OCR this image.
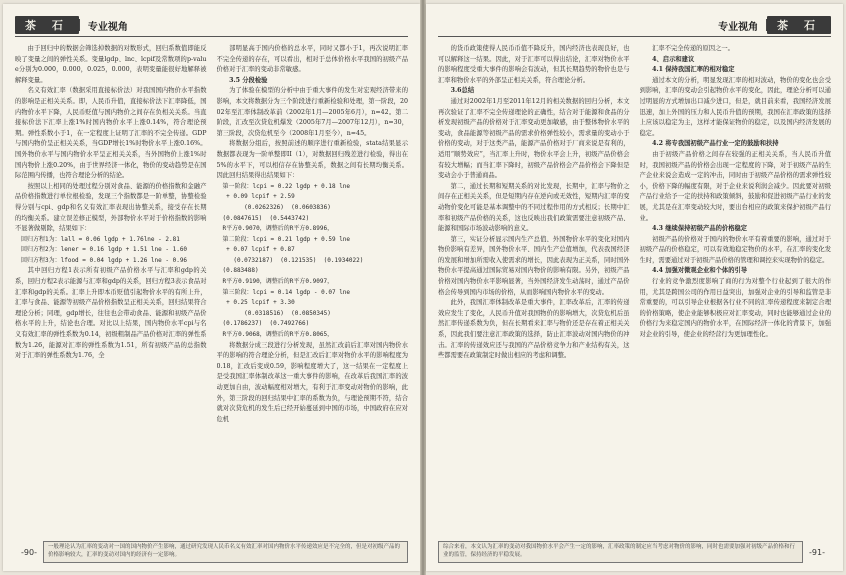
茶 石	专业视角

由于回归中的数据会筛选掉数据的对数形式，回归系数值即能反映了变量之间的弹性关系。变量lgdp、lnc、lcpif及常数项的p-value分别为0.000，0.000，0.025，0.000，表明变量能很好地解释被解释变量。

名义有效汇率（数据采用直接标价法）对我国国内物价水平指数的影响是正相关关系。即，人民币升值，直接标价法下汇率降低，国内物价水平下降，人民币贬值与国内物价之间存在负相关关系。当直接标价法下汇率上涨1%时国内物价水平上涨0.14%，符合理论预期。弹性系数小于1，在一定程度上证明了汇率的不完全传递。GDP与国内物价呈正相关关系，当GDP增长1%时物价水平上涨0.16%。国外物价水平与国内物价水平呈正相关关系，当外国物价上涨1%时国内物价上涨0.20%，由于世界经济一体化，物价的变动趋势是在国际范围内传播，也符合理论分析的结论。

按照以上相同的处理过程分别对食品、能源的价格指数和金融产品价格指数进行单位根检验，发现三个指数都是一阶单整，协整检验得分别与cpi、gdp和名义有效汇率表现出协整关系，接受存在长期的均衡关系。建立误差修正模型，外部物价水平对于价格指数的影响不显著做剔除，结果如下：

回归方程1为：lall = 0.06 lgdp + 1.76lne - 2.81

回归方程2为：lener = 0.16 lgdp + 1.51 lne - 1.60

回归方程3为：lfood = 0.04 lgdp + 1.26 lne - 0.96

其中回归方程1表示所有初级产品价格水平与汇率和gdp的关系，回归方程2表示能源与汇率和gdp的关系，回归方程3表示食品对汇率和gdp的关系。汇率上升即本币贬值引起物价水平的有所上升，汇率与食品、能源等初级产品价格指数呈正相关关系，回归结果符合理论分析；同理，gdp增长，往往也会带动食品、能源和初级产品价格水平的上升，结论也合理。对比以上结果，国内物价水平cpi与名义有效汇率的弹性系数为0.14，初级粗制品产品价格对汇率的弹性系数为1.26，能源对汇率的弹性系数为1.51，所有初级产品的总指数对于汇率的弹性系数为1.76，全

部明显高于国内价格的总水平，同时又都小于1，再次说明汇率不完全传递的存在，可以看出，相对于总体价格水平我国的初级产品价格对于汇率的变动非常敏感。

3.5 分段检验

为了体验在模型的分析中由于重大事件的发生对宏观经济带来的影响，本文将数据分为三个阶段进行重新检验和处理，第一阶段，2002年至汇率体制改革前（2002年1月—2005年6月），n=42。第二阶段，汇改至次贷危机爆发（2005年7月—2007年12月），n=30，第三阶段，次贷危机至今（2008年1月至今），n=45。

将数据分组后，按照前述的顺序进行重新检验，stata结果显示数据都表现为一阶单整即ⅠI（1），对数据回归残差进行检验，得出在5%的水平下，可以相信存在协整关系，数据之间有长期均衡关系。因此回归结果得出结果如下：

第一阶段：lcpi = 0.22 lgdp + 0.18 lne
+ 0.09 lcpif + 2.59

(0.0262326)  (0.0603836)
(0.0847615)  (0.5443742)

R平方0.9070，调整后的R平方0.8996，

第二阶段：lcpi = 0.21 lgdp + 0.59 lne
+ 0.07 lcpif + 0.87

(0.0732187)  (0.121535)  (0.1934022)
(0.883488)

R平方0.9190，调整后的R平方0.9097，

第三阶段：lcpi = 0.14 lgdp - 0.07 lne
+ 0.25 lcpif + 3.30

(0.0318516)  (0.0850345)
(0.1786237)  (0.7492766)

R平方0.9068，调整后的R平方0.8065，

将数据分成三段进行分析发现，虽然汇改前后汇率对国内物价水平的影响的符合理论分析，但是汇改后汇率对物价水平的影响程度为0.18，汇改后变成0.59，影响程度增大了，这一结果在一定程度上是受我国汇率体制改革这一重大事件的影响，在改革后我国汇率的波动更加自由，波动幅度相对增大，有利于汇率变动对物价的影响，此外，第三阶段的回归结果中汇率的系数为负，与理论预期不符，结合就对次贷危机的发生后已经开始蔓延到中国的市场，中国政府在应对危机

-90-
一般理论认为汇率的变动对一国的国内物价产生影响，通过研究发现人民币名义有效汇率对国内物价水平传递效应是不完全的，但是对初级产品的价格影响较大，汇率的变动对国内的经济有一定影响。
专业视角	茶 石

的货币政策使得人民币币值不降反升，国内经济也表现良好，也可以解释这一结果。因此，对于汇率可以得出结论，汇率对物价水平的影响程度受重大事件的影响会有波动，但其长期趋势的物价也是与汇率和物价水平的外部呈正相关关系，符合理论分析。

3.6总结

通过对2002年1月至2011年12月的相关数据的回归分析，本文再次验证了汇率不完全传递理论的正确性，结合对于能源和食品的分析发现初级产品的价格对于汇率变动更加敏感，由于整体物价水平的变动，食品能源等初级产品的需求价格弹性较小，需求量的变动小于价格的变动，对于这类产品，能源产品价格对于厂商来说是有利的，适用“顺势效应”，当汇率上升时，物价水平会上升，初级产品价格会有较大增幅；而当汇率下降时，初级产品价格会产品价格会下降但是变动会小于普通商品。

第二，通过长期和短期关系的对比发现，长期中，汇率与物价之间存在正相关关系，但是短期内存在逆向或无效性，短期内汇率的变动物价变化可能是基本调整中的不同过程作用的方式相反；长期中汇率和初级产品价格的关系，这也反映出我们政策需要注意初级产品、能源和国际市场波动影响的意义。

第三，实证分析显示国内生产总值、外国物价水平的变化对国内物价影响有差异，国外物价水平、国内生产总值增加，代表我国经济的发展和增加所需收入使需求的增长，因此表现为正关系，同时国外物价水平提高通过国际贸易对国内物价的影响有限。另外，初级产品价格对国内物价水平影响显著，当外国经济发生动荡时，通过产品价格会传导到国内市场的价格，从而影响国内物价水平的变动。

此外，我国汇率体制改革是重大事件，汇率改革后，汇率的传递效应发生了变化，人民币升值对我国物价的影响增大，次贷危机后虽然汇率传递系数为负，但在长期看来汇率与物价还是存在着正相关关系，因此我们要注意汇率政策的选择，防止汇率波动对国内物价的冲击。汇率的传递效应还与我国的产品价格竞争力和产业结构有关，这些都需要在政策制定时做出相应的考虑和调整。

汇率不完全传递的原因之一。

4、启示和建议

4.1 保持我国汇率的相对稳定

通过本文的分析，明显发现汇率的相对波动，物价的变化也会受到影响，汇率的变动会引起物价水平的变化，因此，理论分析可以通过明显的方式增加出口减少进口，但是，就目前来看，我国经济发展迅速，加上外国的压力和人民币升值的预期，我国在汇率政策的选择上应该以稳定为主，这样才能保证物价的稳定，以及国内经济发展的稳定。

4.2 将专我国初级产品行业一定的鼓励和扶持

由于初级产品价格之间存在较强的正相关关系，当人民币升值时，我国初级产品的价格会出现一定程度的下降，对于初级产品的生产企业来说会造成一定的冲击，同时由于初级产品价格的需求弹性较小，价格下降的幅度有限，对于企业来说利润会减少。因此要对初级产品行业给予一定的扶持和政策倾斜，鼓励和促进初级产品行业的发展，尤其是在汇率变动较大时，要出台相应的政策来保护初级产品行业。

4.3 继续保持初级产品的价格稳定

初级产品的价格对于国内的物价水平有着重要的影响，通过对于初级产品的价格稳定，可以有效地稳定物价的水平，在汇率的变化发生时，需要通过对于初级产品价格的管理和调控来实现物价的稳定。

4.4 加强对微观企业和个体的引导

行业的竞争激烈度影响了商的行为对整个行业起到了很大的作用，尤其是跨国公司的作用日益突出，加强对企业的引导和监管是非常重要的，可以引导企业根据各行业不同的汇率传递程度来制定合理的价格策略，使企业能够积极应对汇率变动，同时也能够通过企业的价格行为来稳定国内的物价水平，在国际经济一体化的背景下，加强对企业的引导，使企业的经营行为更加理性化。

综合来看，本文认为汇率的变动对我国物价水平会产生一定的影响，汇率政策的制定应当考虑对物价的影响，同时也需要加强对初级产品价格和行业的监管，保持经济的平稳发展。	-91-
